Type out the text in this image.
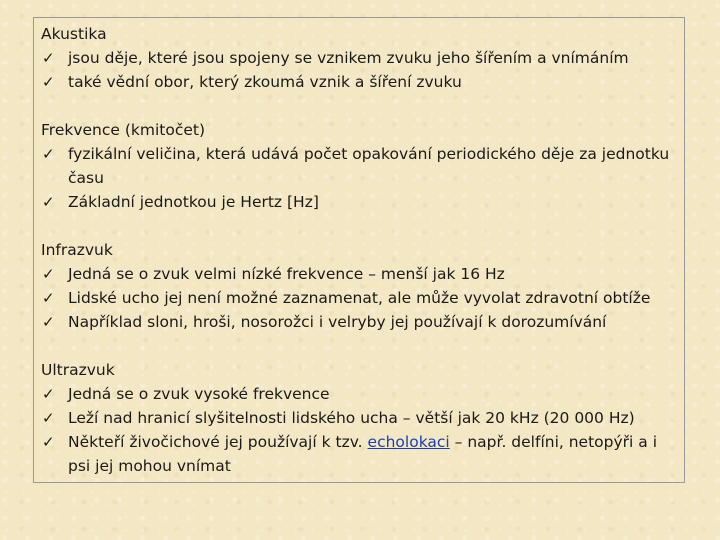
Akustika

✓ jsou děje, které jsou spojeny se vznikem zvuku jeho šířením a vnímáním
✓ také vědní obor, který zkoumá vznik a šíření zvuku

Frekvence (kmitočet)

✓ fyzikální veličina, která udává počet opakování periodického děje za jednotku času
✓ Základní jednotkou je Hertz [Hz]

Infrazvuk

✓ Jedná se o zvuk velmi nízké frekvence – menší jak 16 Hz
✓ Lidské ucho jej není možné zaznamenat, ale může vyvolat zdravotní obtíže
✓ Například sloni, hroši, nosorožci i velryby jej používají k dorozumívání

Ultrazvuk

✓ Jedná se o zvuk vysoké frekvence
✓ Leží nad hranicí slyšitelnosti lidského ucha – větší jak 20 kHz (20 000 Hz)
✓ Někteří živočichové jej používají k tzv. echolokaci – např. delfíni, netopýři a i psi jej mohou vnímat
